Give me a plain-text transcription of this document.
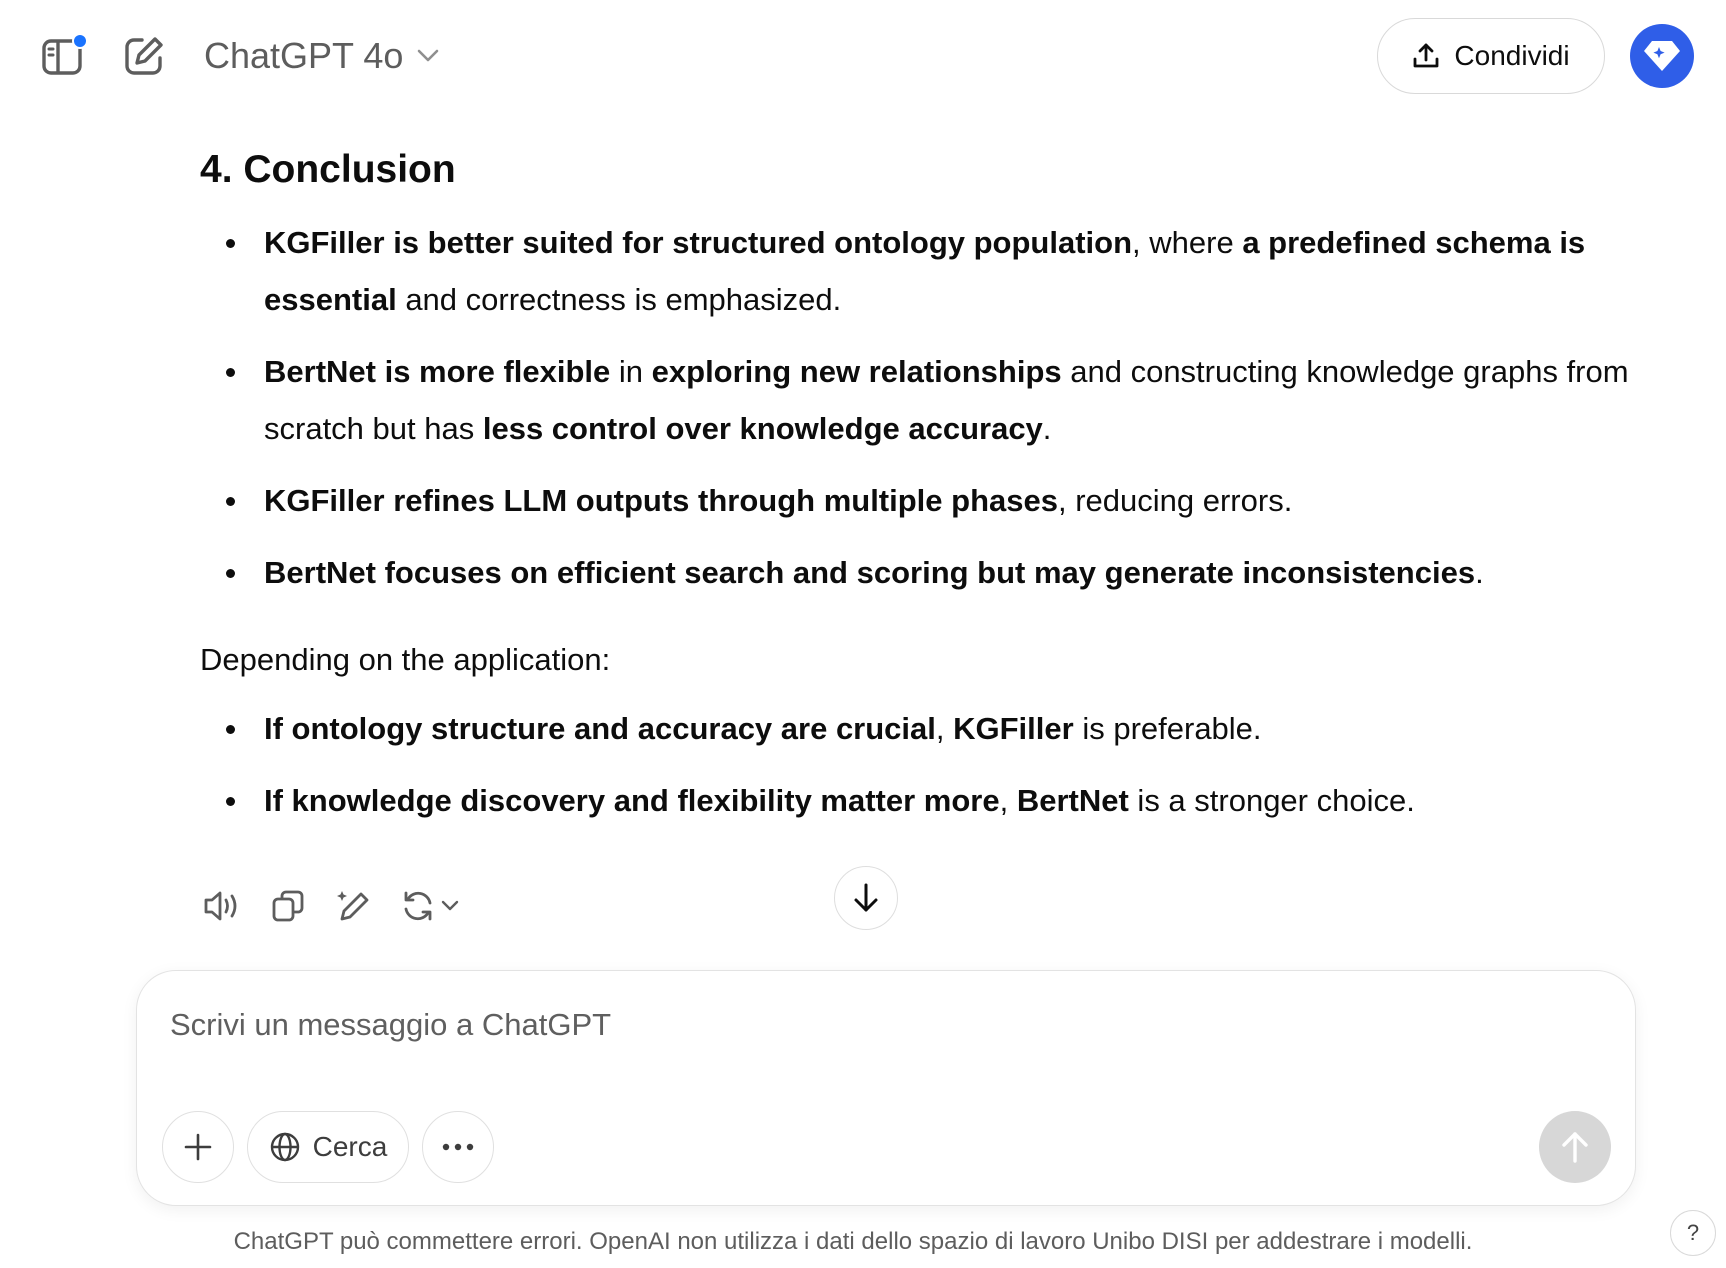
ChatGPT 4o	Condividi
4. Conclusion
KGFiller is better suited for structured ontology population, where a predefined schema is essential and correctness is emphasized.
BertNet is more flexible in exploring new relationships and constructing knowledge graphs from scratch but has less control over knowledge accuracy.
KGFiller refines LLM outputs through multiple phases, reducing errors.
BertNet focuses on efficient search and scoring but may generate inconsistencies.

Depending on the application:

If ontology structure and accuracy are crucial, KGFiller is preferable.
If knowledge discovery and flexibility matter more, BertNet is a stronger choice.
Scrivi un messaggio a ChatGPT
Cerca
ChatGPT può commettere errori. OpenAI non utilizza i dati dello spazio di lavoro Unibo DISI per addestrare i modelli.	?
